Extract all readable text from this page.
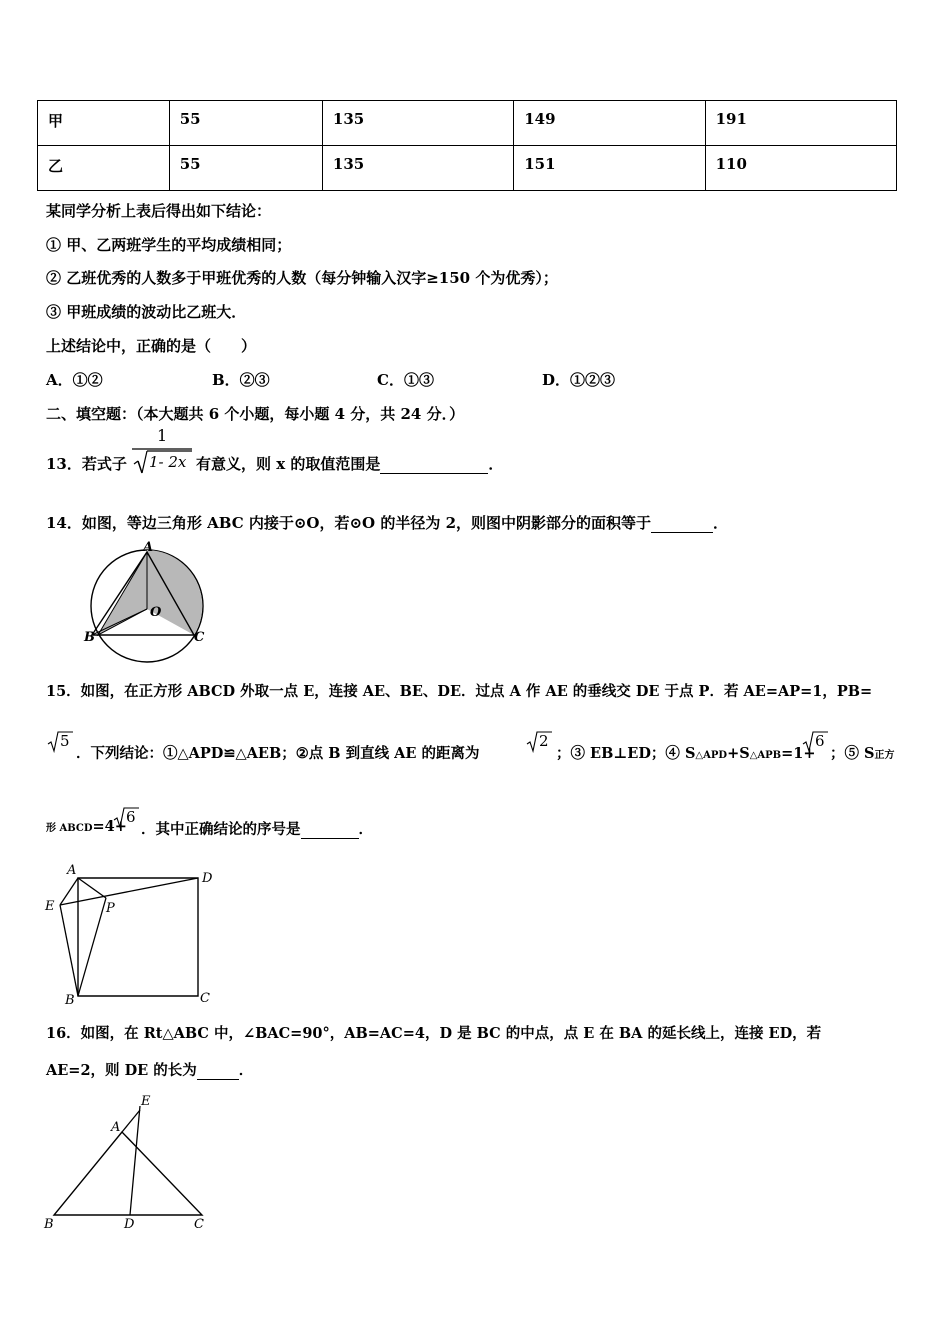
甲	55	135	149	191
乙	55	135	151	110
某同学分析上表后得出如下结论：
① 甲、乙两班学生的平均成绩相同；
② 乙班优秀的人数多于甲班优秀的人数（每分钟输入汉字≥150 个为优秀）；
③ 甲班成绩的波动比乙班大．
上述结论中，正确的是（　　）
A．①②	B．②③	C．①③	D．①②③
二、填空题：（本大题共 6 个小题，每小题 4 分，共 24 分．）
13．若式子
1
1- 2x 有意义，则 x 的取值范围是	．
14．如图，等边三角形 ABC 内接于⊙O，若⊙O 的半径为 2，则图中阴影部分的面积等于	．
A
B	C
O
15．如图，在正方形 ABCD 外取一点 E，连接 AE、BE、DE．过点 A 作 AE 的垂线交 DE 于点 P．若 AE=AP=1，PB=
5
．下列结论：①△APD≌△AEB；②点 B 到直线 AE 的距离为
2
；③ EB⊥ED；④ S△APD+S△APB=1+
6
；⑤ S正方
形 ABCD=4+
6
．其中正确结论的序号是	．
A
D
E	P
B	C
16．如图，在 Rt△ABC 中，∠BAC=90°，AB=AC=4，D 是 BC 的中点，点 E 在 BA 的延长线上，连接 ED，若
AE=2，则 DE 的长为	．
E
A
B	D	C
